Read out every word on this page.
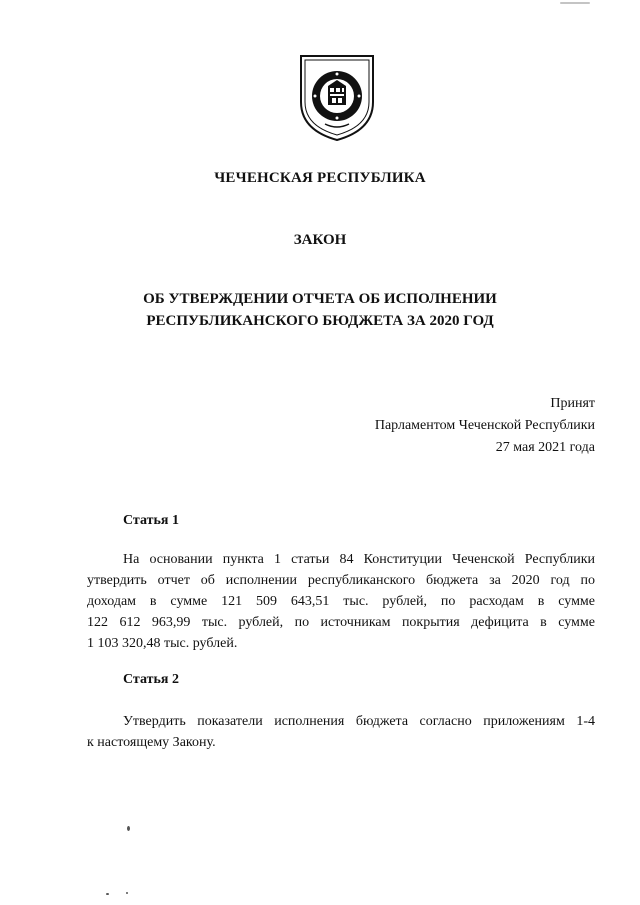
ЧЕЧЕНСКАЯ РЕСПУБЛИКА
ЗАКОН
ОБ УТВЕРЖДЕНИИ ОТЧЕТА ОБ ИСПОЛНЕНИИ
РЕСПУБЛИКАНСКОГО БЮДЖЕТА ЗА 2020 ГОД
Принят
Парламентом Чеченской Республики
27 мая 2021 года
Статья 1
На основании пункта 1 статьи 84 Конституции Чеченской Республики
утвердить отчет об исполнении республиканского бюджета за 2020 год по
доходам в сумме 121 509 643,51 тыс. рублей, по расходам в сумме
122 612 963,99 тыс. рублей, по источникам покрытия дефицита в сумме
1 103 320,48 тыс. рублей.
Статья 2
Утвердить показатели исполнения бюджета согласно приложениям 1-4
к настоящему Закону.
